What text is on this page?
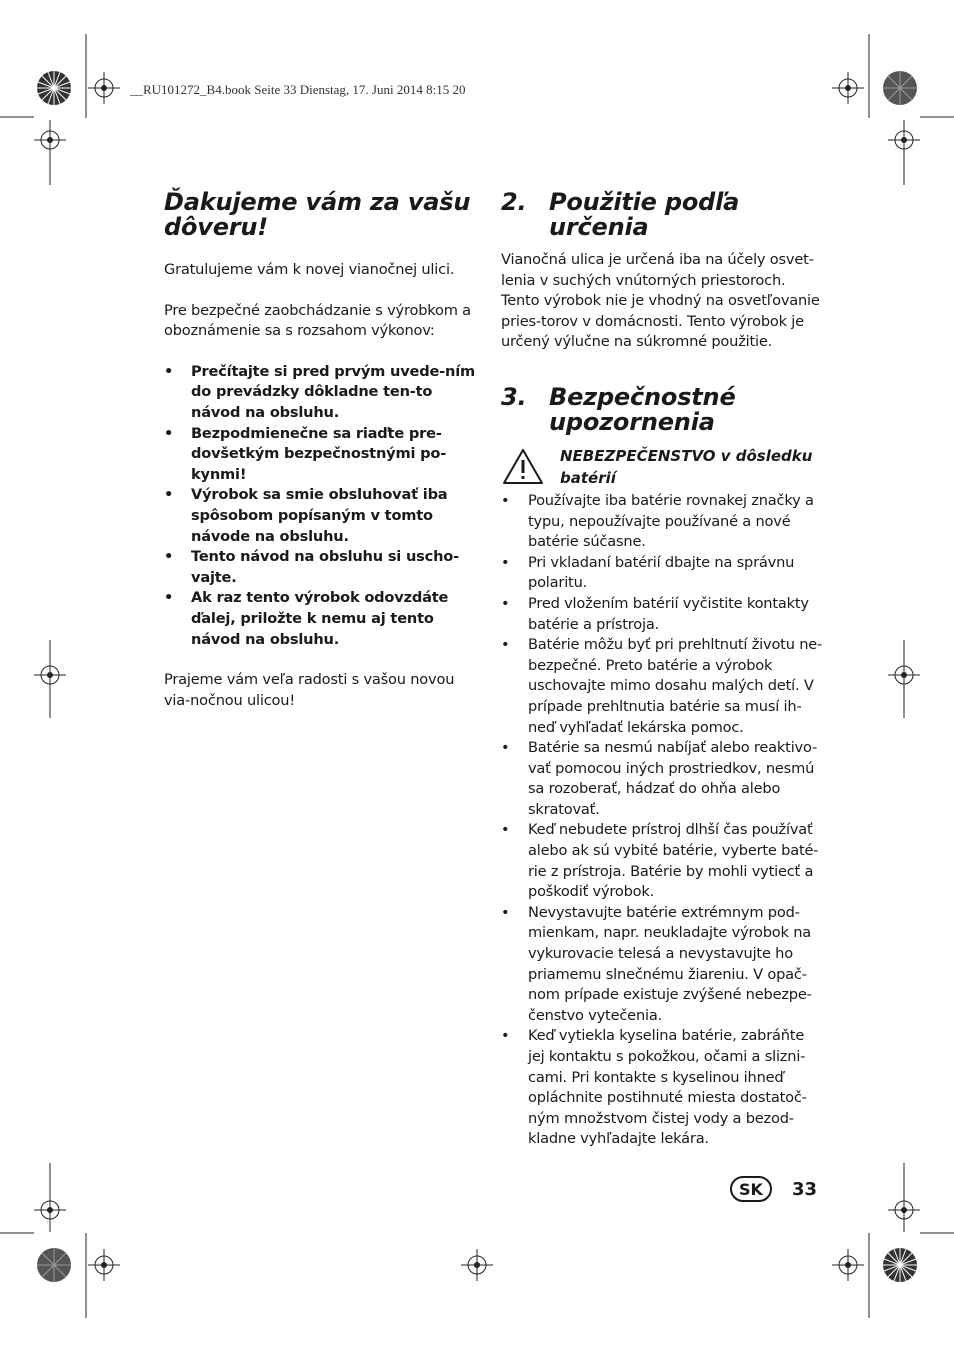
__RU101272_B4.book Seite 33 Dienstag, 17. Juni 2014 8:15 20
Ďakujeme vám za vašu dôveru!

Gratulujeme vám k novej vianočnej ulici.

Pre bezpečné zaobchádzanie s výrobkom a oboznámenie sa s rozsahom výkonov:

• Prečítajte si pred prvým uvede-ním do prevádzky dôkladne ten-to návod na obsluhu.
• Bezpodmienečne sa riaďte pre-dovšetkým bezpečnostnými po-kynmi!
• Výrobok sa smie obsluhovať iba spôsobom popísaným v tomto návode na obsluhu.
• Tento návod na obsluhu si uscho-vajte.
• Ak raz tento výrobok odovzdáte ďalej, priložte k nemu aj tento návod na obsluhu.

Prajeme vám veľa radosti s vašou novou via-nočnou ulicou!

2. Použitie podľa určenia

Vianočná ulica je určená iba na účely osvet-lenia v suchých vnútorných priestoroch. Tento výrobok nie je vhodný na osvetľovanie pries-torov v domácnosti. Tento výrobok je určený výlučne na súkromné použitie.

3. Bezpečnostné upozornenia
NEBEZPEČENSTVO v dôsledku batérií
• Používajte iba batérie rovnakej značky a typu, nepoužívajte používané a nové batérie súčasne.
• Pri vkladaní batérií dbajte na správnu polaritu.
• Pred vložením batérií vyčistite kontakty batérie a prístroja.
• Batérie môžu byť pri prehltnutí životu ne-bezpečné. Preto batérie a výrobok uschovajte mimo dosahu malých detí. V prípade prehltnutia batérie sa musí ih-neď vyhľadať lekárska pomoc.
• Batérie sa nesmú nabíjať alebo reaktivo-vať pomocou iných prostriedkov, nesmú sa rozoberať, hádzať do ohňa alebo skratovať.
• Keď nebudete prístroj dlhší čas používať alebo ak sú vybité batérie, vyberte baté-rie z prístroja. Batérie by mohli vytiecť a poškodiť výrobok.
• Nevystavujte batérie extrémnym pod-mienkam, napr. neukladajte výrobok na vykurovacie telesá a nevystavujte ho priamemu slnečnému žiareniu. V opač-nom prípade existuje zvýšené nebezpe-čenstvo vytečenia.
• Keď vytiekla kyselina batérie, zabráňte jej kontaktu s pokožkou, očami a slizni-cami. Pri kontakte s kyselinou ihneď opláchnite postihnuté miesta dostatoč-ným množstvom čistej vody a bezod-kladne vyhľadajte lekára.
SK	33
